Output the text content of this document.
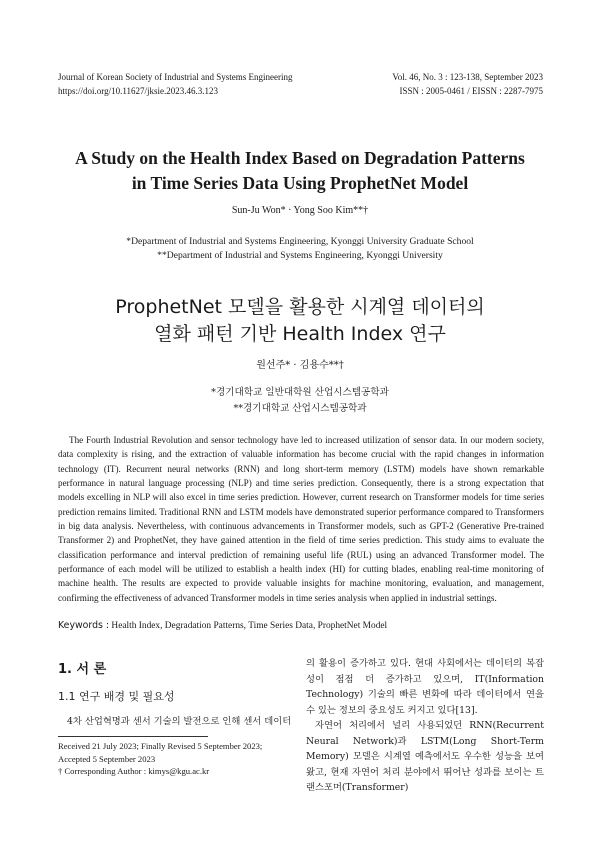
Journal of Korean Society of Industrial and Systems Engineering
https://doi.org/10.11627/jksie.2023.46.3.123
Vol. 46, No. 3 : 123-138, September 2023
ISSN : 2005-0461 / EISSN : 2287-7975
A Study on the Health Index Based on Degradation Patterns
in Time Series Data Using ProphetNet Model
Sun-Ju Won* · Yong Soo Kim**†
*Department of Industrial and Systems Engineering, Kyonggi University Graduate School
**Department of Industrial and Systems Engineering, Kyonggi University
ProphetNet 모델을 활용한 시계열 데이터의
열화 패턴 기반 Health Index 연구
원선주* · 김용수**†
*경기대학교 일반대학원 산업시스템공학과
**경기대학교 산업시스템공학과
The Fourth Industrial Revolution and sensor technology have led to increased utilization of sensor data. In our modern society, data complexity is rising, and the extraction of valuable information has become crucial with the rapid changes in information technology (IT). Recurrent neural networks (RNN) and long short-term memory (LSTM) models have shown remarkable performance in natural language processing (NLP) and time series prediction. Consequently, there is a strong expectation that models excelling in NLP will also excel in time series prediction. However, current research on Transformer models for time series prediction remains limited. Traditional RNN and LSTM models have demonstrated superior performance compared to Transformers in big data analysis. Nevertheless, with continuous advancements in Transformer models, such as GPT-2 (Generative Pre-trained Transformer 2) and ProphetNet, they have gained attention in the field of time series prediction. This study aims to evaluate the classification performance and interval prediction of remaining useful life (RUL) using an advanced Transformer model. The performance of each model will be utilized to establish a health index (HI) for cutting blades, enabling real-time monitoring of machine health. The results are expected to provide valuable insights for machine monitoring, evaluation, and management, confirming the effectiveness of advanced Transformer models in time series analysis when applied in industrial settings.
Keywords : Health Index, Degradation Patterns, Time Series Data, ProphetNet Model
1. 서 론
1.1 연구 배경 및 필요성
4차 산업혁명과 센서 기술의 발전으로 인해 센서 데이터
Received 21 July 2023; Finally Revised 5 September 2023;
Accepted 5 September 2023
† Corresponding Author : kimys@kgu.ac.kr
의 활용이 증가하고 있다. 현대 사회에서는 데이터의 복잡성이 점점 더 증가하고 있으며, IT(Information Technology) 기술의 빠른 변화에 따라 데이터에서 연을 수 있는 정보의 중요성도 커지고 있다[13].
자연어 처리에서 널리 사용되었던 RNN(Recurrent Neural Network)과 LSTM(Long Short-Term Memory) 모델은 시계열 예측에서도 우수한 성능을 보여왔고, 현재 자연어 처리 분야에서 뛰어난 성과를 보이는 트랜스포머(Transformer)
